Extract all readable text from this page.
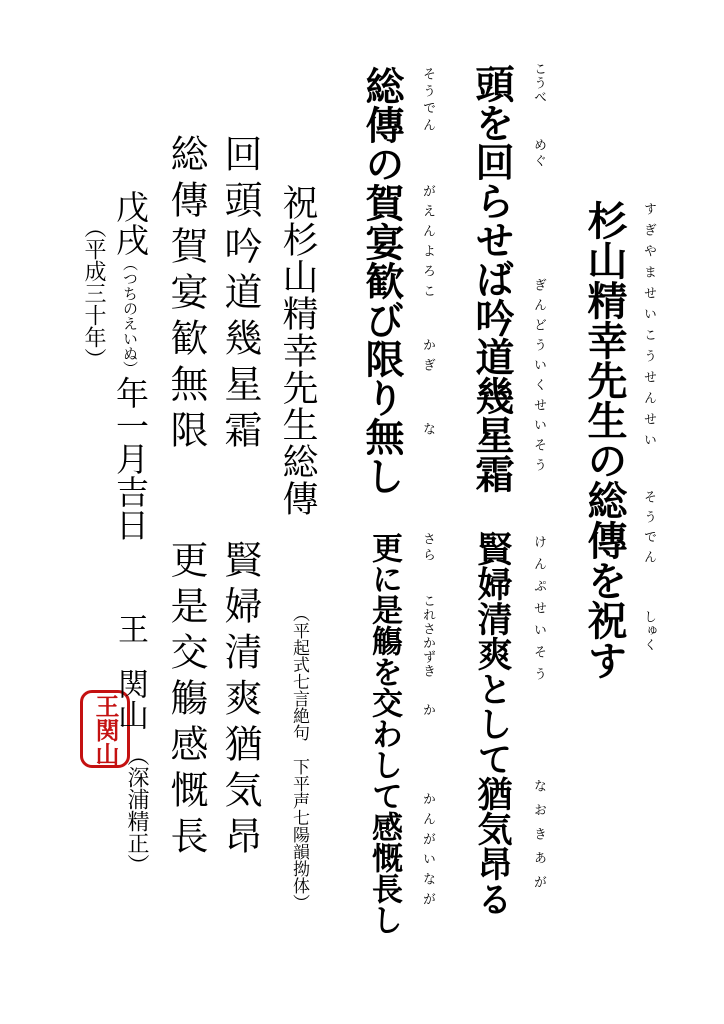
杉山精幸先生の総傳を祝す すぎやませいこうせんせい
そうでん
しゅく
頭を回らせば吟道幾星霜 こうべ
めぐ
ぎんどういくせいそう
賢婦清爽として猶気昂る けんぷせいそう
なおきあが
総傳の賀宴歓び限り無し そうでん
がえんよろこ
かぎ
な
更に是觴を交わして感慨長し さら
これさかずき
か
かんがいなが
祝杉山精幸先生総傳
回頭吟道幾星霜
賢婦清爽猶気昂
総傳賀宴歓無限
更是交觴感慨長	（平起式七言絶句　下平声七陽韻拗体）
戊戌（つちのえいぬ）年一月吉日
（平成三十年）
王
関山
（深浦精正）
王関山
